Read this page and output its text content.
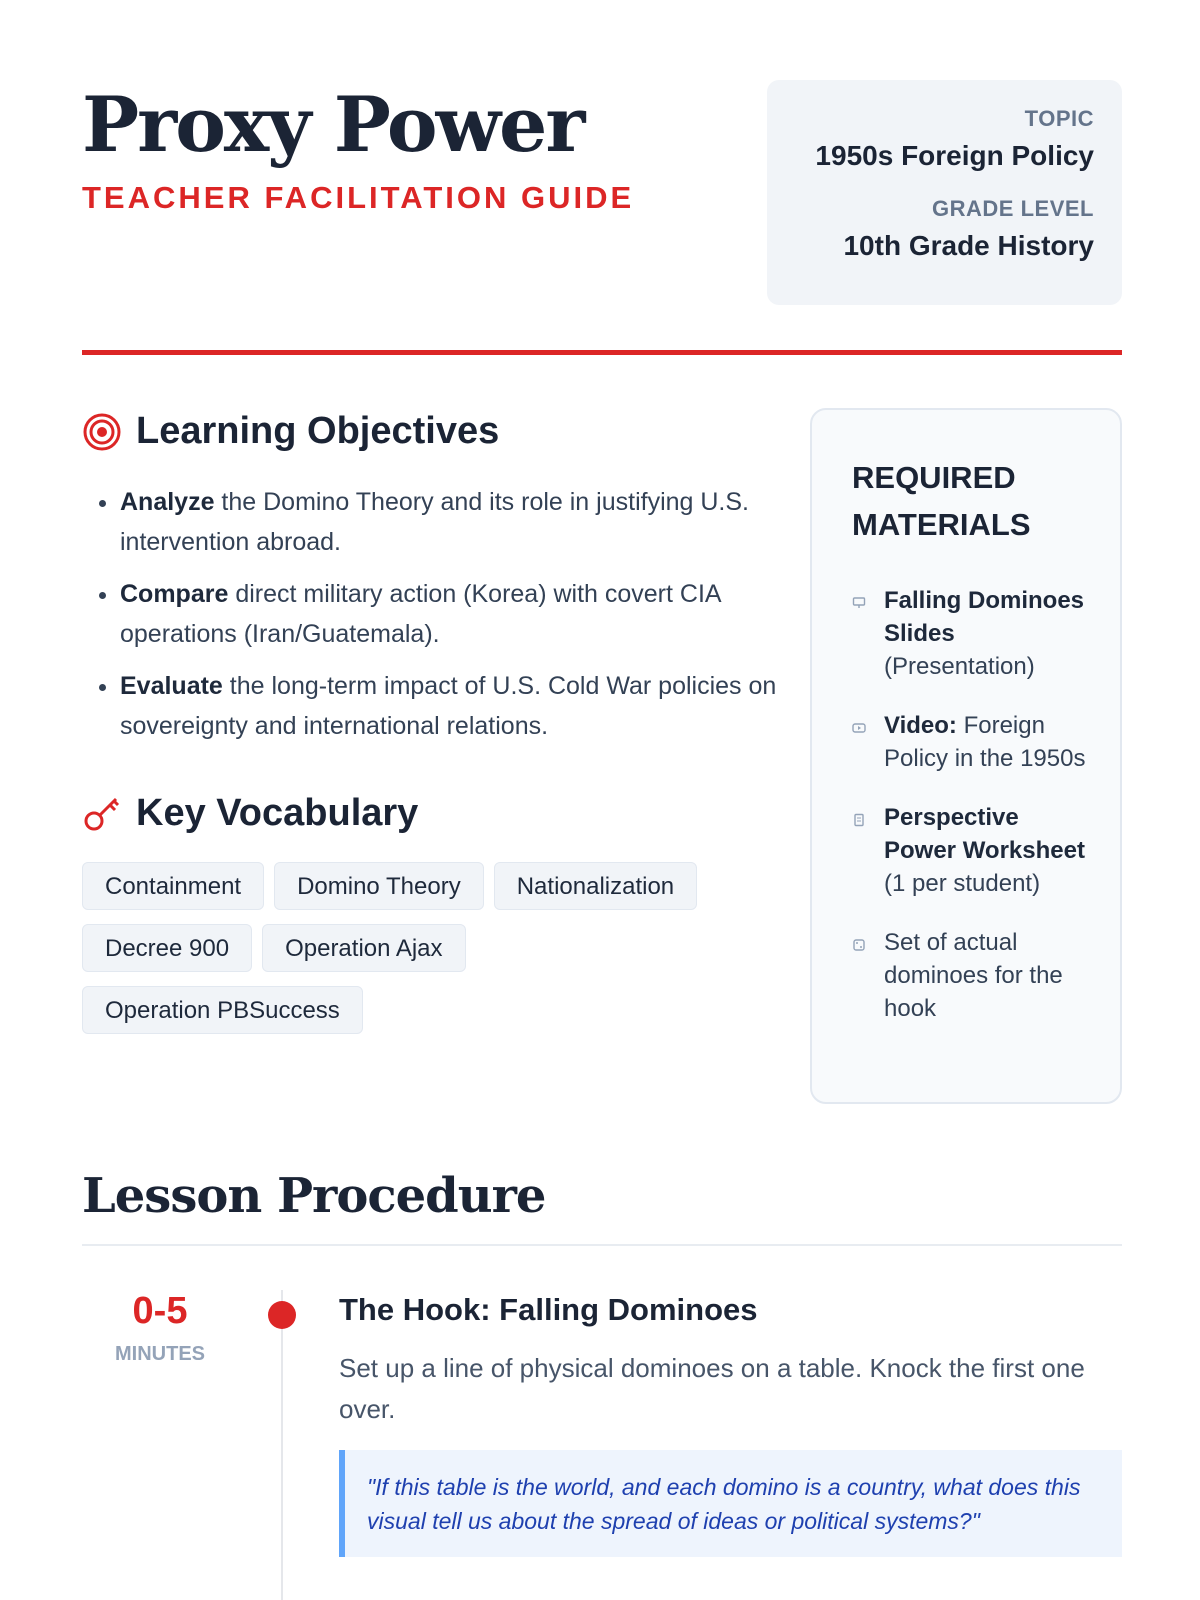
Proxy Power
TEACHER FACILITATION GUIDE
TOPIC
1950s Foreign Policy
GRADE LEVEL
10th Grade History
Learning Objectives
• Analyze the Domino Theory and its role in justifying U.S. intervention abroad.
• Compare direct military action (Korea) with covert CIA operations (Iran/Guatemala).
• Evaluate the long-term impact of U.S. Cold War policies on sovereignty and international relations.
Key Vocabulary
Containment Domino Theory Nationalization
Decree 900 Operation Ajax
Operation PBSuccess
REQUIRED MATERIALS
Falling Dominoes Slides (Presentation)
Video: Foreign Policy in the 1950s
Perspective Power Worksheet (1 per student)
Set of actual dominoes for the hook
Lesson Procedure
0-5
MINUTES
The Hook: Falling Dominoes
Set up a line of physical dominoes on a table. Knock the first one over.
"If this table is the world, and each domino is a country, what does this visual tell us about the spread of ideas or political systems?"
